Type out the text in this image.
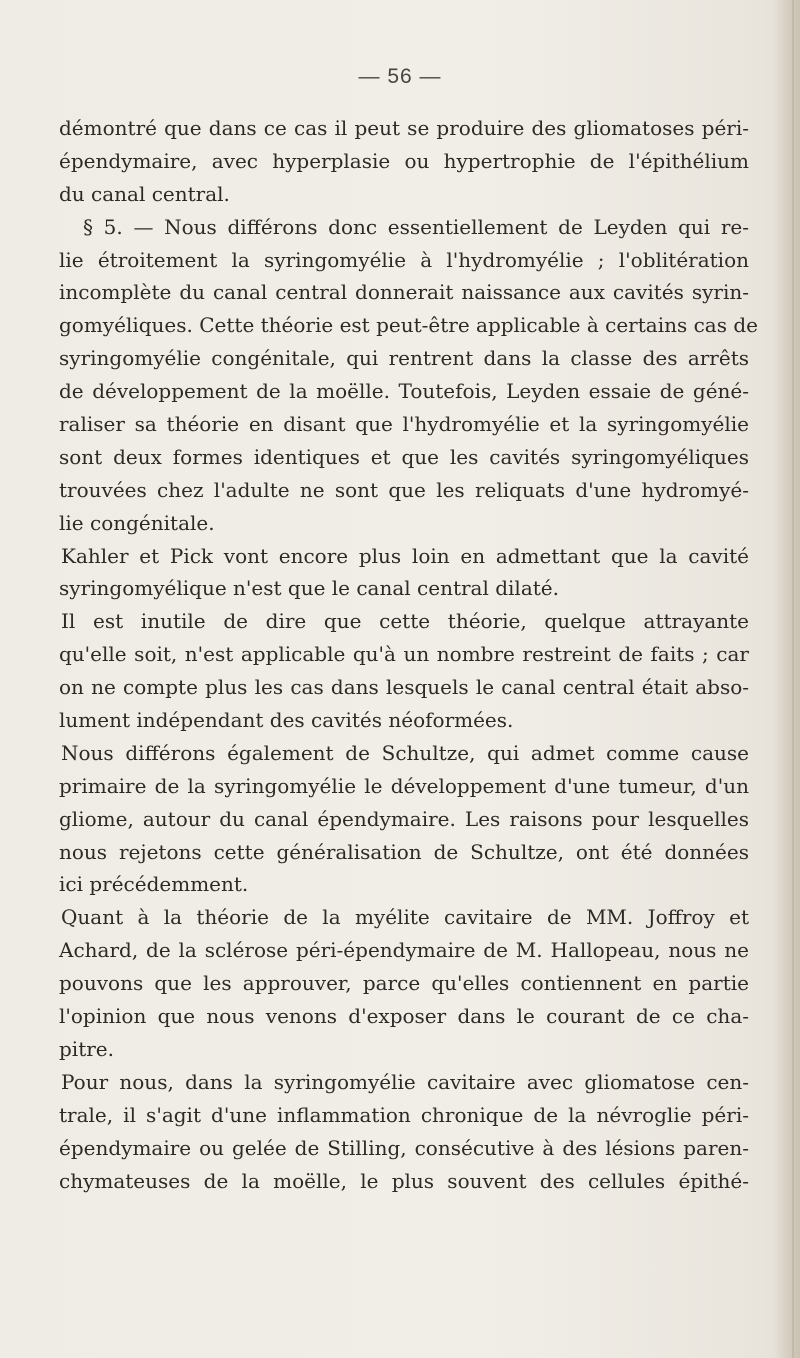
— 56 —
démontré que dans ce cas il peut se produire des gliomatoses péri-
épendymaire, avec hyperplasie ou hypertrophie de l'épithélium
du canal central.
§ 5. — Nous différons donc essentiellement de Leyden qui re-
lie étroitement la syringomyélie à l'hydromyélie ; l'oblitération
incomplète du canal central donnerait naissance aux cavités syrin-
gomyéliques. Cette théorie est peut-être applicable à certains cas de
syringomyélie congénitale, qui rentrent dans la classe des arrêts
de développement de la moëlle. Toutefois, Leyden essaie de géné-
raliser sa théorie en disant que l'hydromyélie et la syringomyélie
sont deux formes identiques et que les cavités syringomyéliques
trouvées chez l'adulte ne sont que les reliquats d'une hydromyé-
lie congénitale.
Kahler et Pick vont encore plus loin en admettant que la cavité
syringomyélique n'est que le canal central dilaté.
Il est inutile de dire que cette théorie, quelque attrayante
qu'elle soit, n'est applicable qu'à un nombre restreint de faits ; car
on ne compte plus les cas dans lesquels le canal central était abso-
lument indépendant des cavités néoformées.
Nous différons également de Schultze, qui admet comme cause
primaire de la syringomyélie le développement d'une tumeur, d'un
gliome, autour du canal épendymaire. Les raisons pour lesquelles
nous rejetons cette généralisation de Schultze, ont été données
ici précédemment.
Quant à la théorie de la myélite cavitaire de MM. Joffroy et
Achard, de la sclérose péri-épendymaire de M. Hallopeau, nous ne
pouvons que les approuver, parce qu'elles contiennent en partie
l'opinion que nous venons d'exposer dans le courant de ce cha-
pitre.
Pour nous, dans la syringomyélie cavitaire avec gliomatose cen-
trale, il s'agit d'une inflammation chronique de la névroglie péri-
épendymaire ou gelée de Stilling, consécutive à des lésions paren-
chymateuses de la moëlle, le plus souvent des cellules épithé-
